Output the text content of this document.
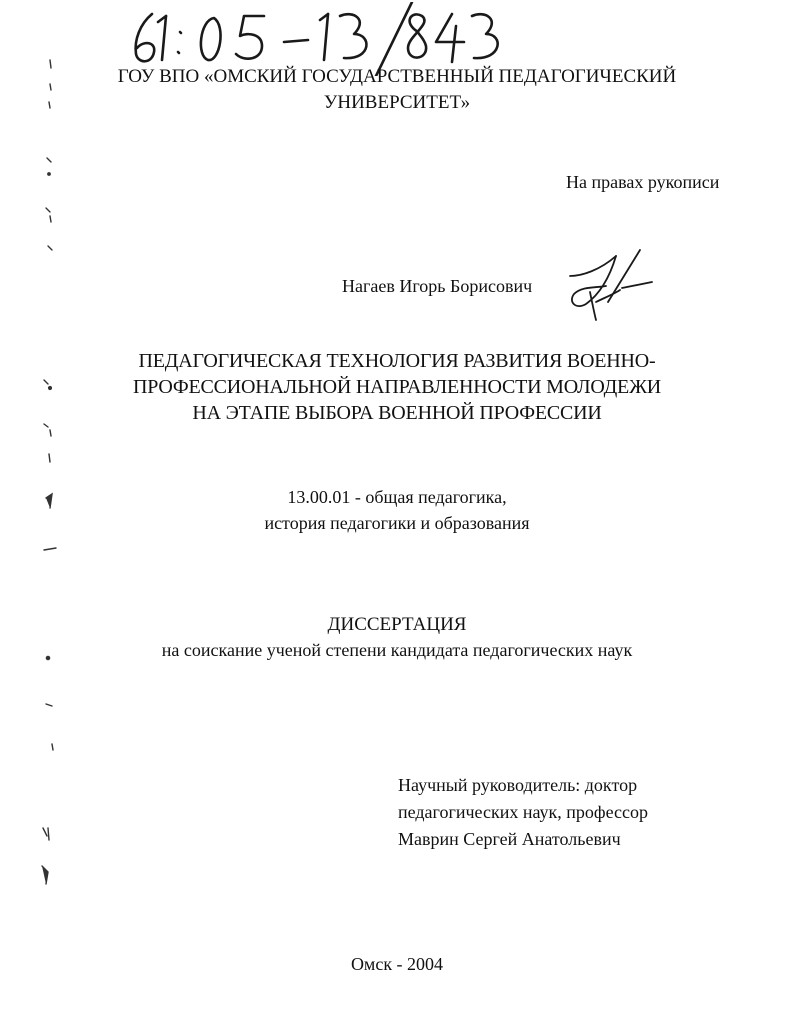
ГОУ ВПО «ОМСКИЙ ГОСУДАРСТВЕННЫЙ ПЕДАГОГИЧЕСКИЙ
УНИВЕРСИТЕТ»
На правах рукописи
Нагаев Игорь Борисович
ПЕДАГОГИЧЕСКАЯ ТЕХНОЛОГИЯ РАЗВИТИЯ ВОЕННО-
ПРОФЕССИОНАЛЬНОЙ НАПРАВЛЕННОСТИ МОЛОДЕЖИ
НА ЭТАПЕ ВЫБОРА ВОЕННОЙ ПРОФЕССИИ
13.00.01 - общая педагогика,
история педагогики и образования
ДИССЕРТАЦИЯ
на соискание ученой степени кандидата педагогических наук
Научный руководитель: доктор
педагогических наук, профессор
Маврин Сергей Анатольевич
Омск - 2004
